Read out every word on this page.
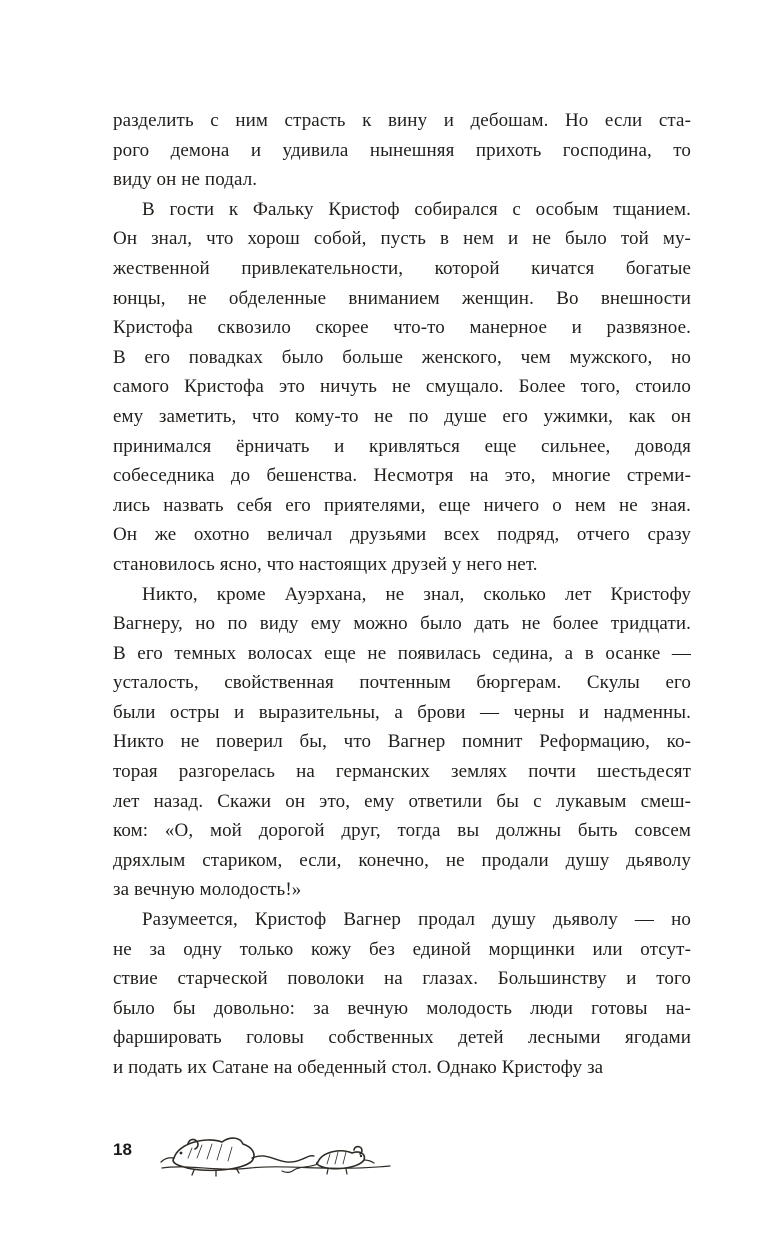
разделить с ним страсть к вину и дебошам. Но если ста-
рого демона и удивила нынешняя прихоть господина, то
виду он не подал.
В гости к Фальку Кристоф собирался с особым тщанием.
Он знал, что хорош собой, пусть в нем и не было той му-
жественной привлекательности, которой кичатся богатые
юнцы, не обделенные вниманием женщин. Во внешности
Кристофа сквозило скорее что-то манерное и развязное.
В его повадках было больше женского, чем мужского, но
самого Кристофа это ничуть не смущало. Более того, стоило
ему заметить, что кому-то не по душе его ужимки, как он
принимался ёрничать и кривляться еще сильнее, доводя
собеседника до бешенства. Несмотря на это, многие стреми-
лись назвать себя его приятелями, еще ничего о нем не зная.
Он же охотно величал друзьями всех подряд, отчего сразу
становилось ясно, что настоящих друзей у него нет.
Никто, кроме Ауэрхана, не знал, сколько лет Кристофу
Вагнеру, но по виду ему можно было дать не более тридцати.
В его темных волосах еще не появилась седина, а в осанке —
усталость, свойственная почтенным бюргерам. Скулы его
были остры и выразительны, а брови — черны и надменны.
Никто не поверил бы, что Вагнер помнит Реформацию, ко-
торая разгорелась на германских землях почти шестьдесят
лет назад. Скажи он это, ему ответили бы с лукавым смеш-
ком: «О, мой дорогой друг, тогда вы должны быть совсем
дряхлым стариком, если, конечно, не продали душу дьяволу
за вечную молодость!»
Разумеется, Кристоф Вагнер продал душу дьяволу — но
не за одну только кожу без единой морщинки или отсут-
ствие старческой поволоки на глазах. Большинству и того
было бы довольно: за вечную молодость люди готовы на-
фаршировать головы собственных детей лесными ягодами
и подать их Сатане на обеденный стол. Однако Кристофу за
18
